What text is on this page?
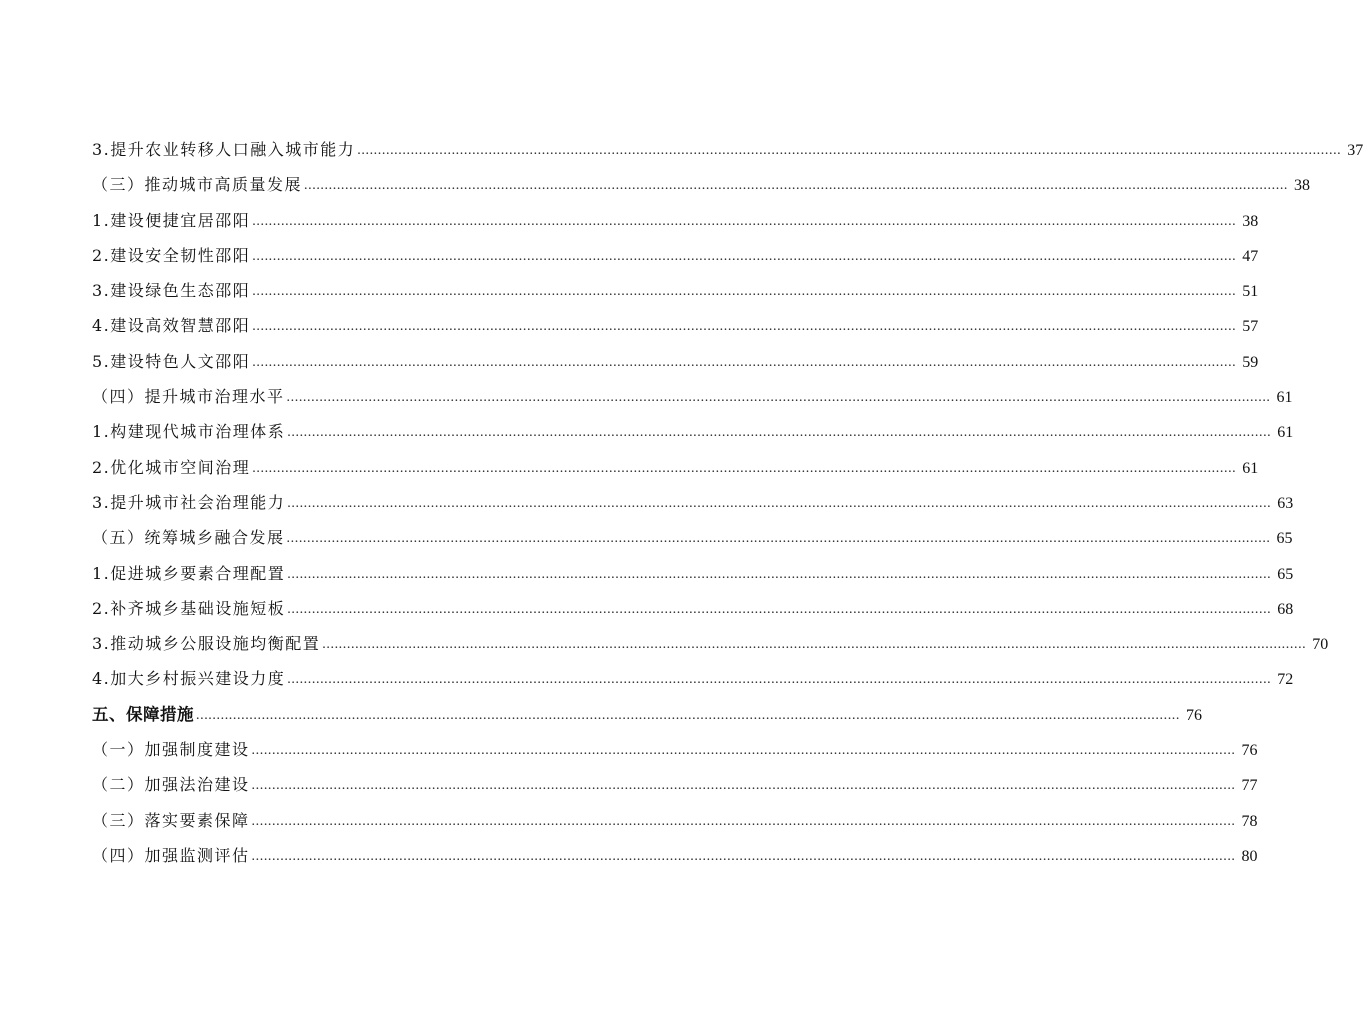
3.提升农业转移人口融入城市能力 ................................................................................................................................................................................................................................................ 37
（三）推动城市高质量发展 ................................................................................................................................................................................................................................................ 38
1.建设便捷宜居邵阳 ................................................................................................................................................................................................................................................ 38
2.建设安全韧性邵阳 ................................................................................................................................................................................................................................................ 47
3.建设绿色生态邵阳 ................................................................................................................................................................................................................................................ 51
4.建设高效智慧邵阳 ................................................................................................................................................................................................................................................ 57
5.建设特色人文邵阳 ................................................................................................................................................................................................................................................ 59
（四）提升城市治理水平 ................................................................................................................................................................................................................................................ 61
1.构建现代城市治理体系 ................................................................................................................................................................................................................................................ 61
2.优化城市空间治理 ................................................................................................................................................................................................................................................ 61
3.提升城市社会治理能力 ................................................................................................................................................................................................................................................ 63
（五）统筹城乡融合发展 ................................................................................................................................................................................................................................................ 65
1.促进城乡要素合理配置 ................................................................................................................................................................................................................................................ 65
2.补齐城乡基础设施短板 ................................................................................................................................................................................................................................................ 68
3.推动城乡公服设施均衡配置 ................................................................................................................................................................................................................................................ 70
4.加大乡村振兴建设力度 ................................................................................................................................................................................................................................................ 72
五、保障措施 ................................................................................................................................................................................................................................................ 76
（一）加强制度建设 ................................................................................................................................................................................................................................................ 76
（二）加强法治建设 ................................................................................................................................................................................................................................................ 77
（三）落实要素保障 ................................................................................................................................................................................................................................................ 78
（四）加强监测评估 ................................................................................................................................................................................................................................................ 80
